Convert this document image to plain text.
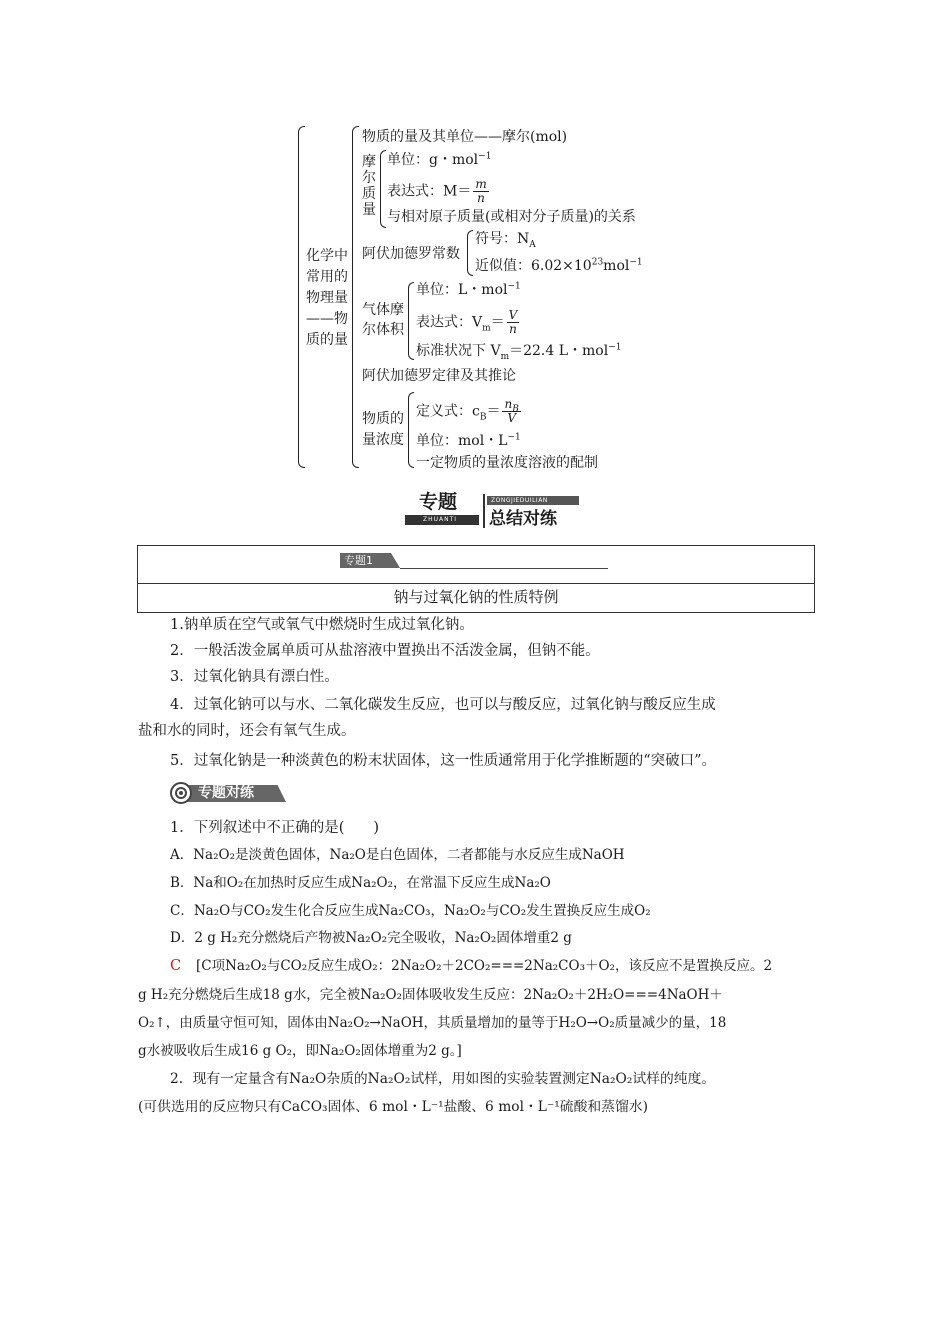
化学中
常用的
物理量
——物
质的量
物质的量及其单位——摩尔(mol)
摩
尔
质
量
单位：g・mol$^{-1}$
表达式：$M= \frac{m}{n}$
与相对原子质量(或相对分子质量)的关系
阿伏加德罗常数
符号：$N_A$
近似值：$6.02\times 10^{23}mol^{-1}$
气体摩
尔体积
单位：L・mol$^{-1}$
表达式：$V_m= \frac{V}{n}$
标准状况下 $V_m=22.4$ L・mol$^{-1}$
阿伏加德罗定律及其推论
物质的
量浓度
定义式：$c_B= \frac{n_B}{V}$
单位：mol・$L^{-1}$
一定物质的量浓度溶液的配制
专题
ZHUANTI
ZONGJIEDUILIAN
总结对练
专题1
钠与过氧化钠的性质特例
1.钠单质在空气或氧气中燃烧时生成过氧化钠。
2．一般活泼金属单质可从盐溶液中置换出不活泼金属，但钠不能。
3．过氧化钠具有漂白性。
4．过氧化钠可以与水、二氧化碳发生反应，也可以与酸反应，过氧化钠与酸反应生成
盐和水的同时，还会有氧气生成。
5．过氧化钠是一种淡黄色的粉末状固体，这一性质通常用于化学推断题的“突破口”。
专题对练
1．下列叙述中不正确的是(　　)
A．Na₂O₂是淡黄色固体，Na₂O是白色固体，二者都能与水反应生成NaOH
B．Na和O₂在加热时反应生成Na₂O₂，在常温下反应生成Na₂O
C．Na₂O与CO₂发生化合反应生成Na₂CO₃，Na₂O₂与CO₂发生置换反应生成O₂
D．2 g H₂充分燃烧后产物被Na₂O₂完全吸收，Na₂O₂固体增重2 g
C [C项Na₂O₂与CO₂反应生成O₂：2Na₂O₂＋2CO₂===2Na₂CO₃＋O₂，该反应不是置换反应。2
g H₂充分燃烧后生成18 g水，完全被Na₂O₂固体吸收发生反应：2Na₂O₂＋2H₂O===4NaOH＋
O₂↑，由质量守恒可知，固体由Na₂O₂→NaOH，其质量增加的量等于H₂O→O₂质量减少的量，18
g水被吸收后生成16 g O₂，即Na₂O₂固体增重为2 g。]
2．现有一定量含有Na₂O杂质的Na₂O₂试样，用如图的实验装置测定Na₂O₂试样的纯度。
(可供选用的反应物只有CaCO₃固体、6 mol・L⁻¹盐酸、6 mol・L⁻¹硫酸和蒸馏水)
